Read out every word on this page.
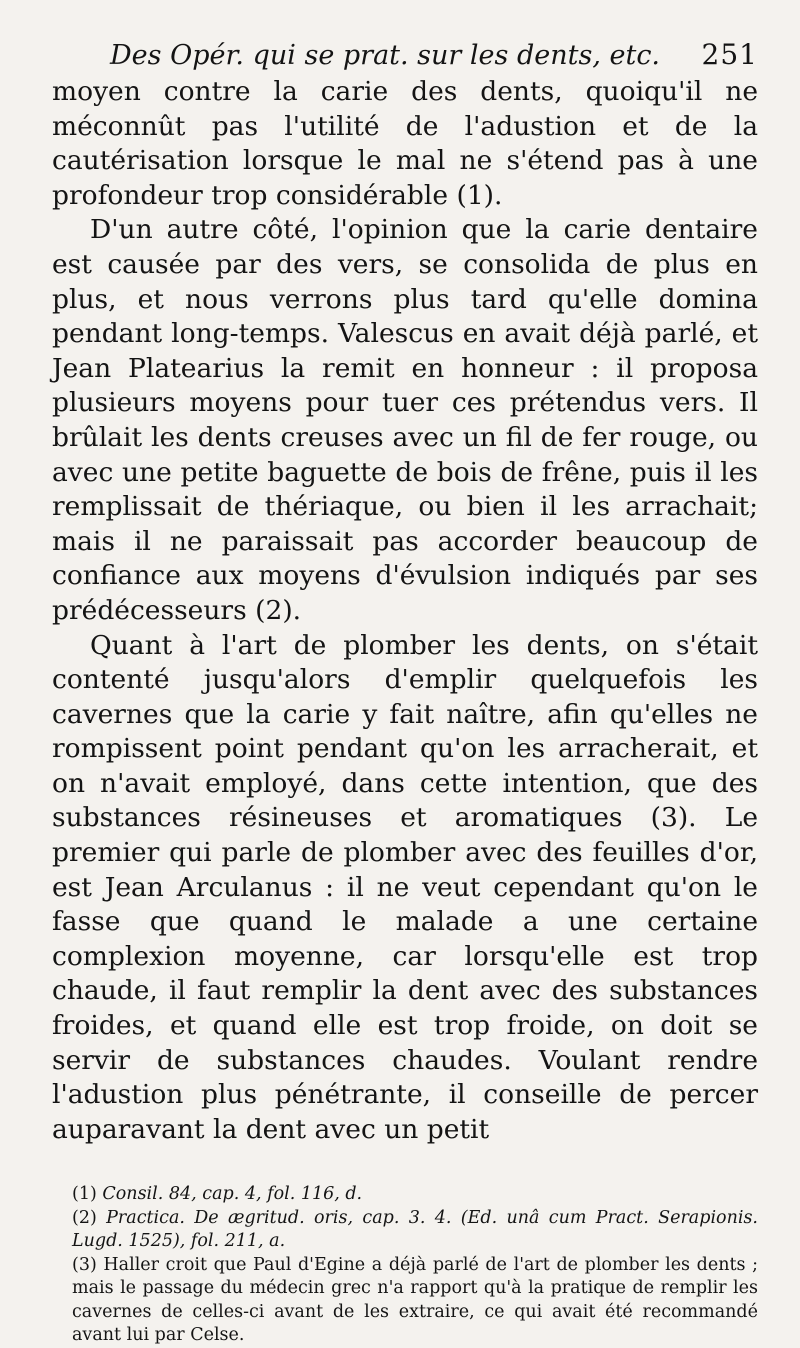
Des Opér. qui se prat. sur les dents, etc. 251

moyen contre la carie des dents, quoiqu'il ne méconnût pas l'utilité de l'adustion et de la cautérisation lorsque le mal ne s'étend pas à une profondeur trop considérable (1).

D'un autre côté, l'opinion que la carie dentaire est causée par des vers, se consolida de plus en plus, et nous verrons plus tard qu'elle domina pendant long-temps. Valescus en avait déjà parlé, et Jean Platearius la remit en honneur : il proposa plusieurs moyens pour tuer ces prétendus vers. Il brûlait les dents creuses avec un fil de fer rouge, ou avec une petite baguette de bois de frêne, puis il les remplissait de thériaque, ou bien il les arrachait; mais il ne paraissait pas accorder beaucoup de confiance aux moyens d'évulsion indiqués par ses prédécesseurs (2).

Quant à l'art de plomber les dents, on s'était contenté jusqu'alors d'emplir quelquefois les cavernes que la carie y fait naître, afin qu'elles ne rompissent point pendant qu'on les arracherait, et on n'avait employé, dans cette intention, que des substances résineuses et aromatiques (3). Le premier qui parle de plomber avec des feuilles d'or, est Jean Arculanus : il ne veut cependant qu'on le fasse que quand le malade a une certaine complexion moyenne, car lorsqu'elle est trop chaude, il faut remplir la dent avec des substances froides, et quand elle est trop froide, on doit se servir de substances chaudes. Voulant rendre l'adustion plus pénétrante, il conseille de percer auparavant la dent avec un petit

(1) Consil. 84, cap. 4, fol. 116, d.

(2) Practica. De ægritud. oris, cap. 3. 4. (Ed. unâ cum Pract. Serapionis. Lugd. 1525), fol. 211, a.

(3) Haller croit que Paul d'Egine a déjà parlé de l'art de plomber les dents ; mais le passage du médecin grec n'a rapport qu'à la pratique de remplir les cavernes de celles-ci avant de les extraire, ce qui avait été recommandé avant lui par Celse.
